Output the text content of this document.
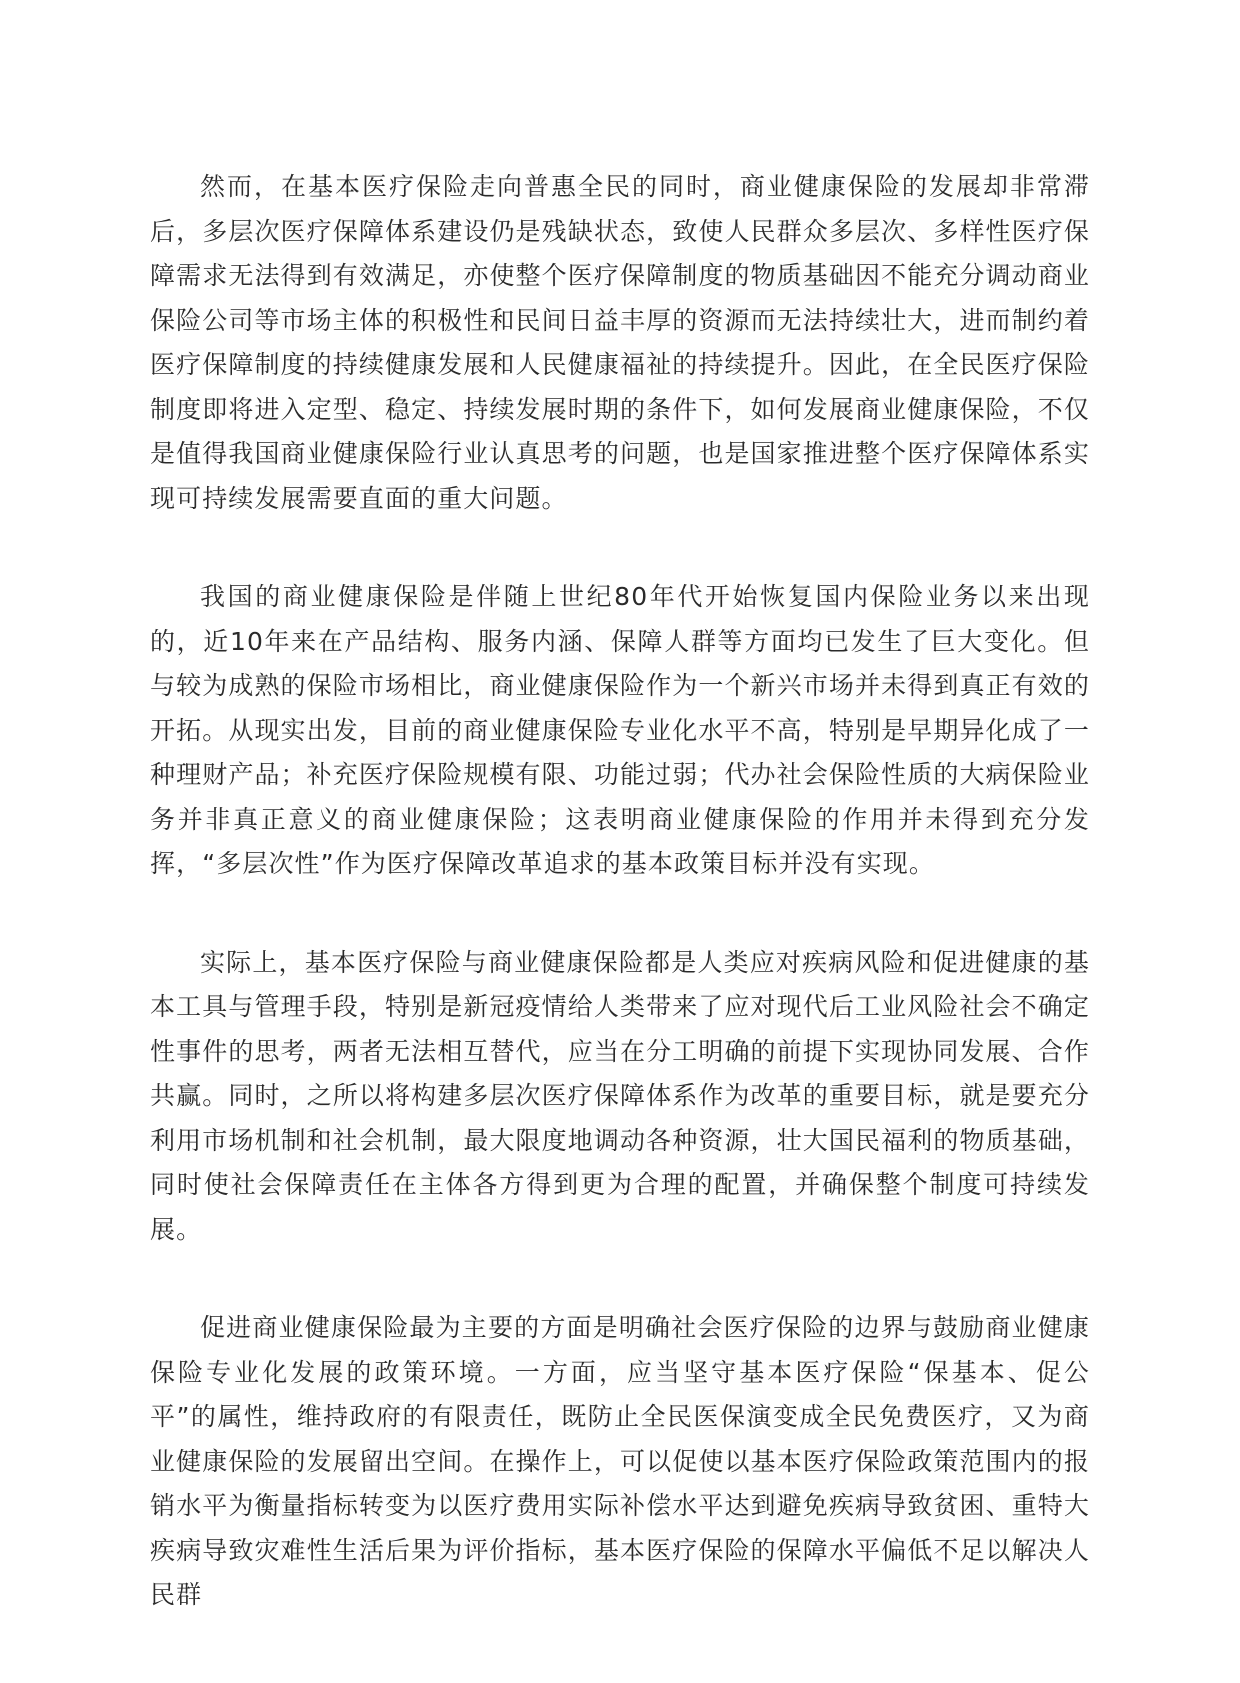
然而，在基本医疗保险走向普惠全民的同时，商业健康保险的发展却非常滞后，多层次医疗保障体系建设仍是残缺状态，致使人民群众多层次、多样性医疗保障需求无法得到有效满足，亦使整个医疗保障制度的物质基础因不能充分调动商业保险公司等市场主体的积极性和民间日益丰厚的资源而无法持续壮大，进而制约着医疗保障制度的持续健康发展和人民健康福祉的持续提升。因此，在全民医疗保险制度即将进入定型、稳定、持续发展时期的条件下，如何发展商业健康保险，不仅是值得我国商业健康保险行业认真思考的问题，也是国家推进整个医疗保障体系实现可持续发展需要直面的重大问题。

我国的商业健康保险是伴随上世纪80年代开始恢复国内保险业务以来出现的，近10年来在产品结构、服务内涵、保障人群等方面均已发生了巨大变化。但与较为成熟的保险市场相比，商业健康保险作为一个新兴市场并未得到真正有效的开拓。从现实出发，目前的商业健康保险专业化水平不高，特别是早期异化成了一种理财产品；补充医疗保险规模有限、功能过弱；代办社会保险性质的大病保险业务并非真正意义的商业健康保险；这表明商业健康保险的作用并未得到充分发挥，“多层次性”作为医疗保障改革追求的基本政策目标并没有实现。

实际上，基本医疗保险与商业健康保险都是人类应对疾病风险和促进健康的基本工具与管理手段，特别是新冠疫情给人类带来了应对现代后工业风险社会不确定性事件的思考，两者无法相互替代，应当在分工明确的前提下实现协同发展、合作共赢。同时，之所以将构建多层次医疗保障体系作为改革的重要目标，就是要充分利用市场机制和社会机制，最大限度地调动各种资源，壮大国民福利的物质基础，同时使社会保障责任在主体各方得到更为合理的配置，并确保整个制度可持续发展。

促进商业健康保险最为主要的方面是明确社会医疗保险的边界与鼓励商业健康保险专业化发展的政策环境。一方面，应当坚守基本医疗保险“保基本、促公平”的属性，维持政府的有限责任，既防止全民医保演变成全民免费医疗，又为商业健康保险的发展留出空间。在操作上，可以促使以基本医疗保险政策范围内的报销水平为衡量指标转变为以医疗费用实际补偿水平达到避免疾病导致贫困、重特大疾病导致灾难性生活后果为评价指标，基本医疗保险的保障水平偏低不足以解决人民群
